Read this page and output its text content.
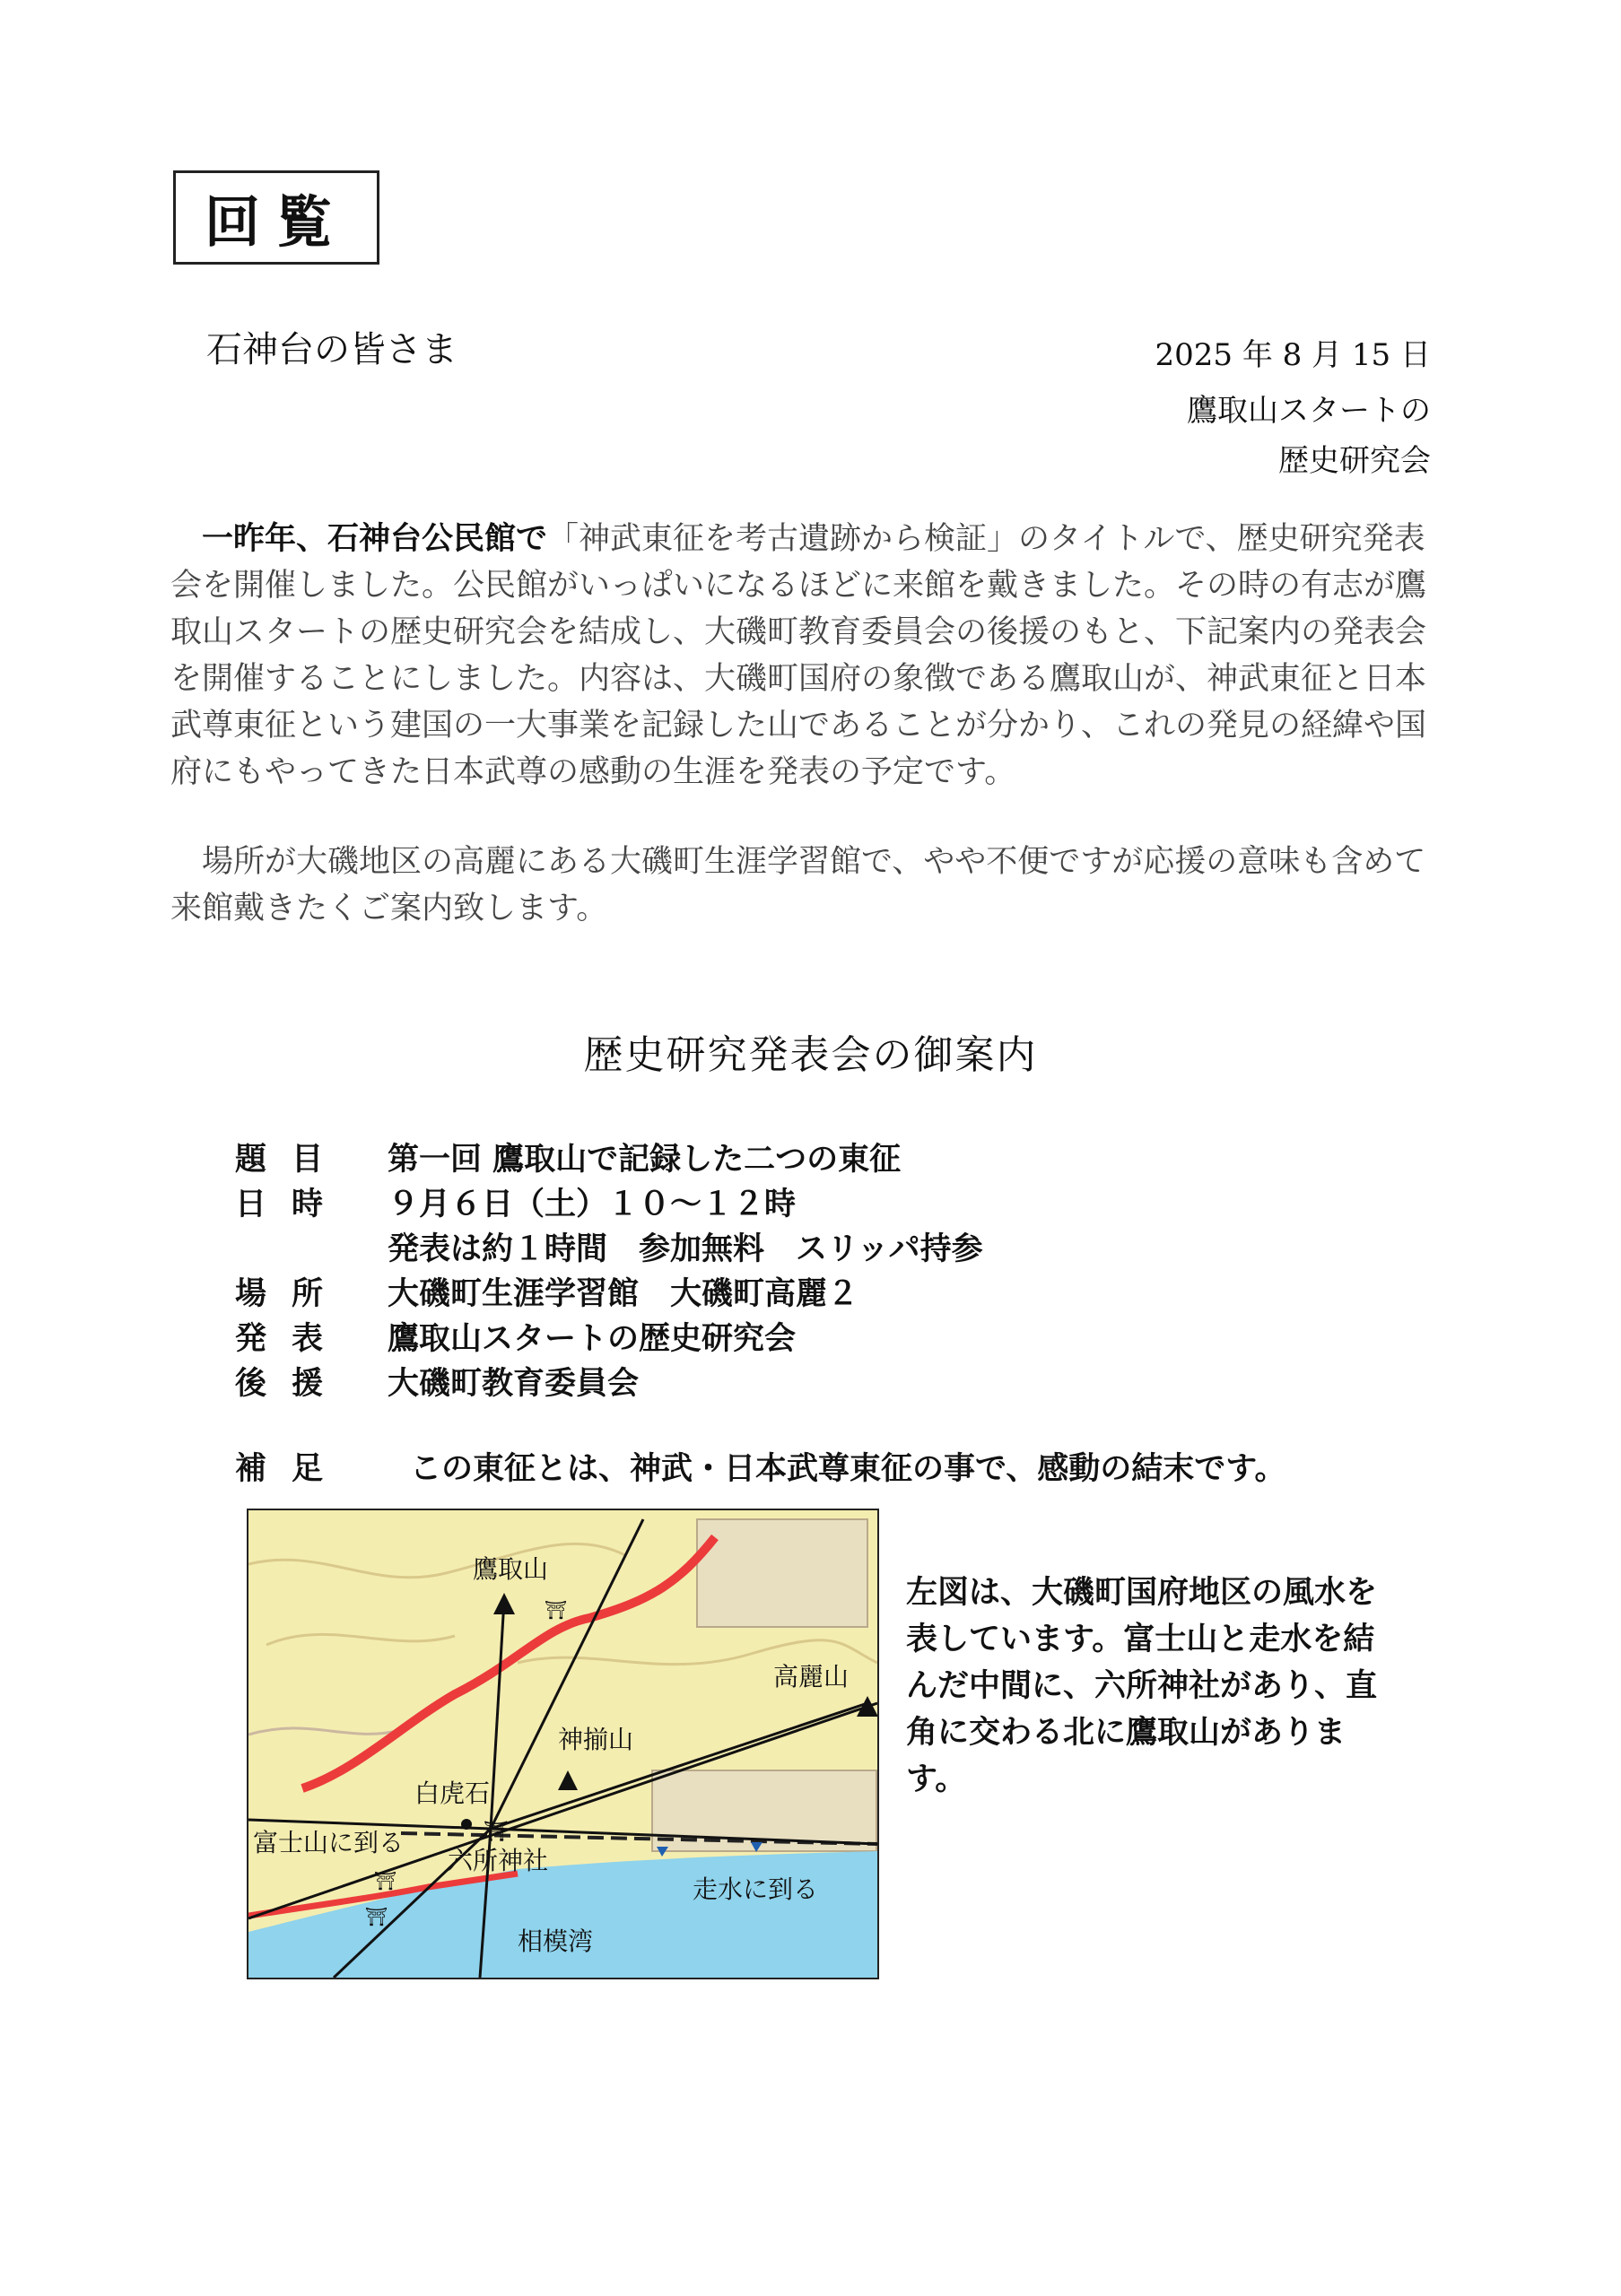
回覧
石神台の皆さま	2025 年 8 月 15 日
鷹取山スタートの
歴史研究会

一昨年、石神台公民館で「神武東征を考古遺跡から検証」のタイトルで、歴史研究発表会を開催しました。公民館がいっぱいになるほどに来館を戴きました。その時の有志が鷹取山スタートの歴史研究会を結成し、大磯町教育委員会の後援のもと、下記案内の発表会を開催することにしました。内容は、大磯町国府の象徴である鷹取山が、神武東征と日本武尊東征という建国の一大事業を記録した山であることが分かり、これの発見の経緯や国府にもやってきた日本武尊の感動の生涯を発表の予定です。

場所が大磯地区の高麗にある大磯町生涯学習館で、やや不便ですが応援の意味も含めて来館戴きたくご案内致します。

歴史研究発表会の御案内
題目	第一回 鷹取山で記録した二つの東征
日時	９月６日（土）１０～１２時
発表は約１時間　参加無料　スリッパ持参
場所	大磯町生涯学習館　大磯町高麗２
発表	鷹取山スタートの歴史研究会
後援	大磯町教育委員会
補足	この東征とは、神武・日本武尊東征の事で、感動の結末です。
⛩
⛩
⛩
⛩
鷹取山
高麗山
神揃山
白虎石
富士山に到る
六所神社
走水に到る
相模湾

左図は、大磯町国府地区の風水を表しています。富士山と走水を結んだ中間に、六所神社があり、直角に交わる北に鷹取山があります。
